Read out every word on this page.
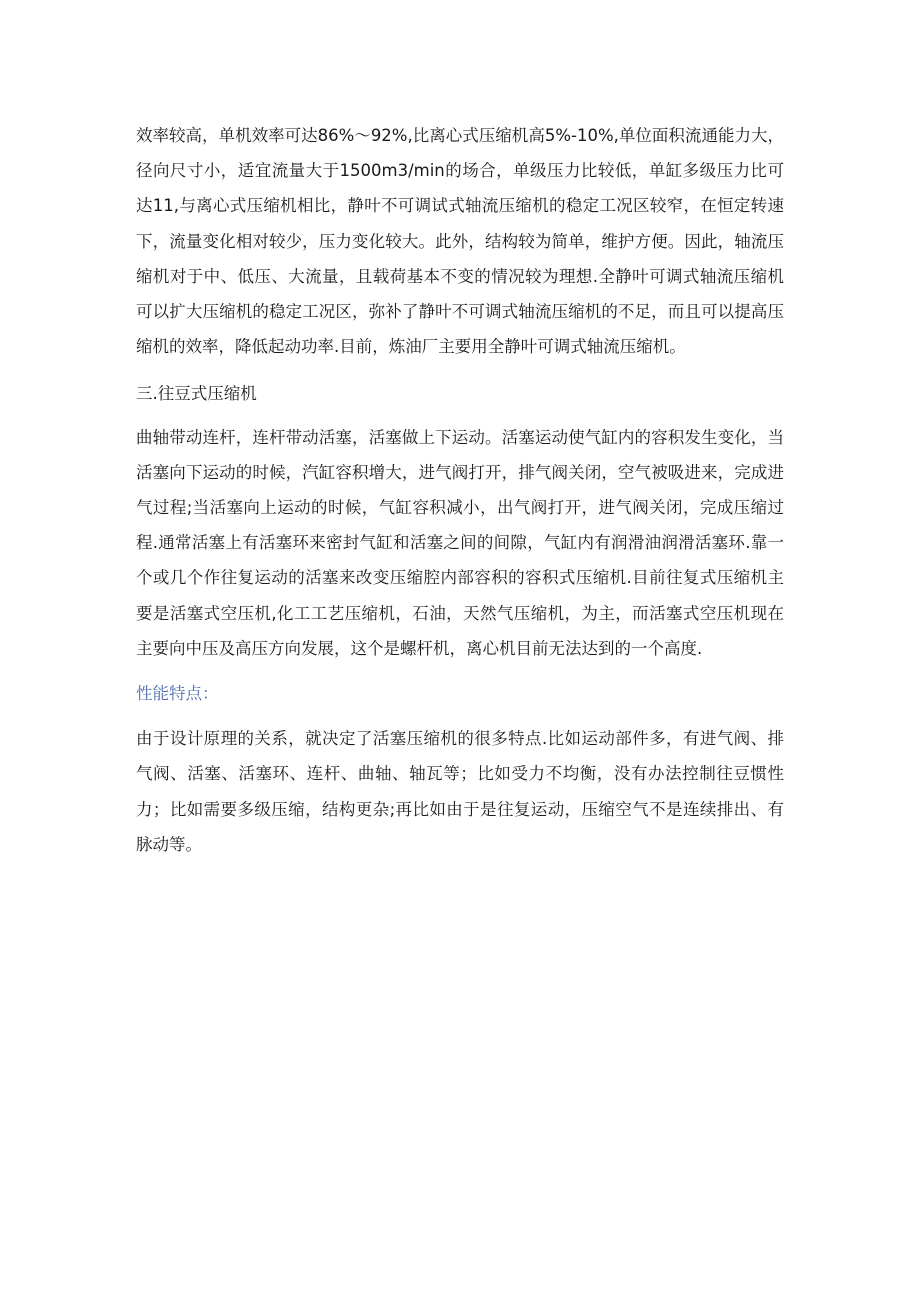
效率较高，单机效率可达86%～92%,比离心式压缩机高5%-10%,单位面积流通能力大，径向尺寸小，适宜流量大于1500m3/min的场合，单级压力比较低，单缸多级压力比可达11,与离心式压缩机相比，静叶不可调试式轴流压缩机的稳定工况区较窄，在恒定转速下，流量变化相对较少，压力变化较大。此外，结构较为简单，维护方便。因此，轴流压缩机对于中、低压、大流量，且载荷基本不变的情况较为理想.全静叶可调式轴流压缩机可以扩大压缩机的稳定工况区，弥补了静叶不可调式轴流压缩机的不足，而且可以提高压缩机的效率，降低起动功率.目前，炼油厂主要用全静叶可调式轴流压缩机。

三.往豆式压缩机

曲轴带动连杆，连杆带动活塞，活塞做上下运动。活塞运动使气缸内的容积发生变化，当活塞向下运动的时候，汽缸容积增大，进气阀打开，排气阀关闭，空气被吸进来，完成进气过程;当活塞向上运动的时候，气缸容积减小，出气阀打开，进气阀关闭，完成压缩过程.通常活塞上有活塞环来密封气缸和活塞之间的间隙，气缸内有润滑油润滑活塞环.靠一个或几个作往复运动的活塞来改变压缩腔内部容积的容积式压缩机.目前往复式压缩机主要是活塞式空压机,化工工艺压缩机，石油，天然气压缩机，为主，而活塞式空压机现在主要向中压及高压方向发展，这个是螺杆机，离心机目前无法达到的一个高度.

性能特点：

由于设计原理的关系，就决定了活塞压缩机的很多特点.比如运动部件多，有进气阀、排气阀、活塞、活塞环、连杆、曲轴、轴瓦等；比如受力不均衡，没有办法控制往豆惯性力；比如需要多级压缩，结构更杂;再比如由于是往复运动，压缩空气不是连续排出、有脉动等。
